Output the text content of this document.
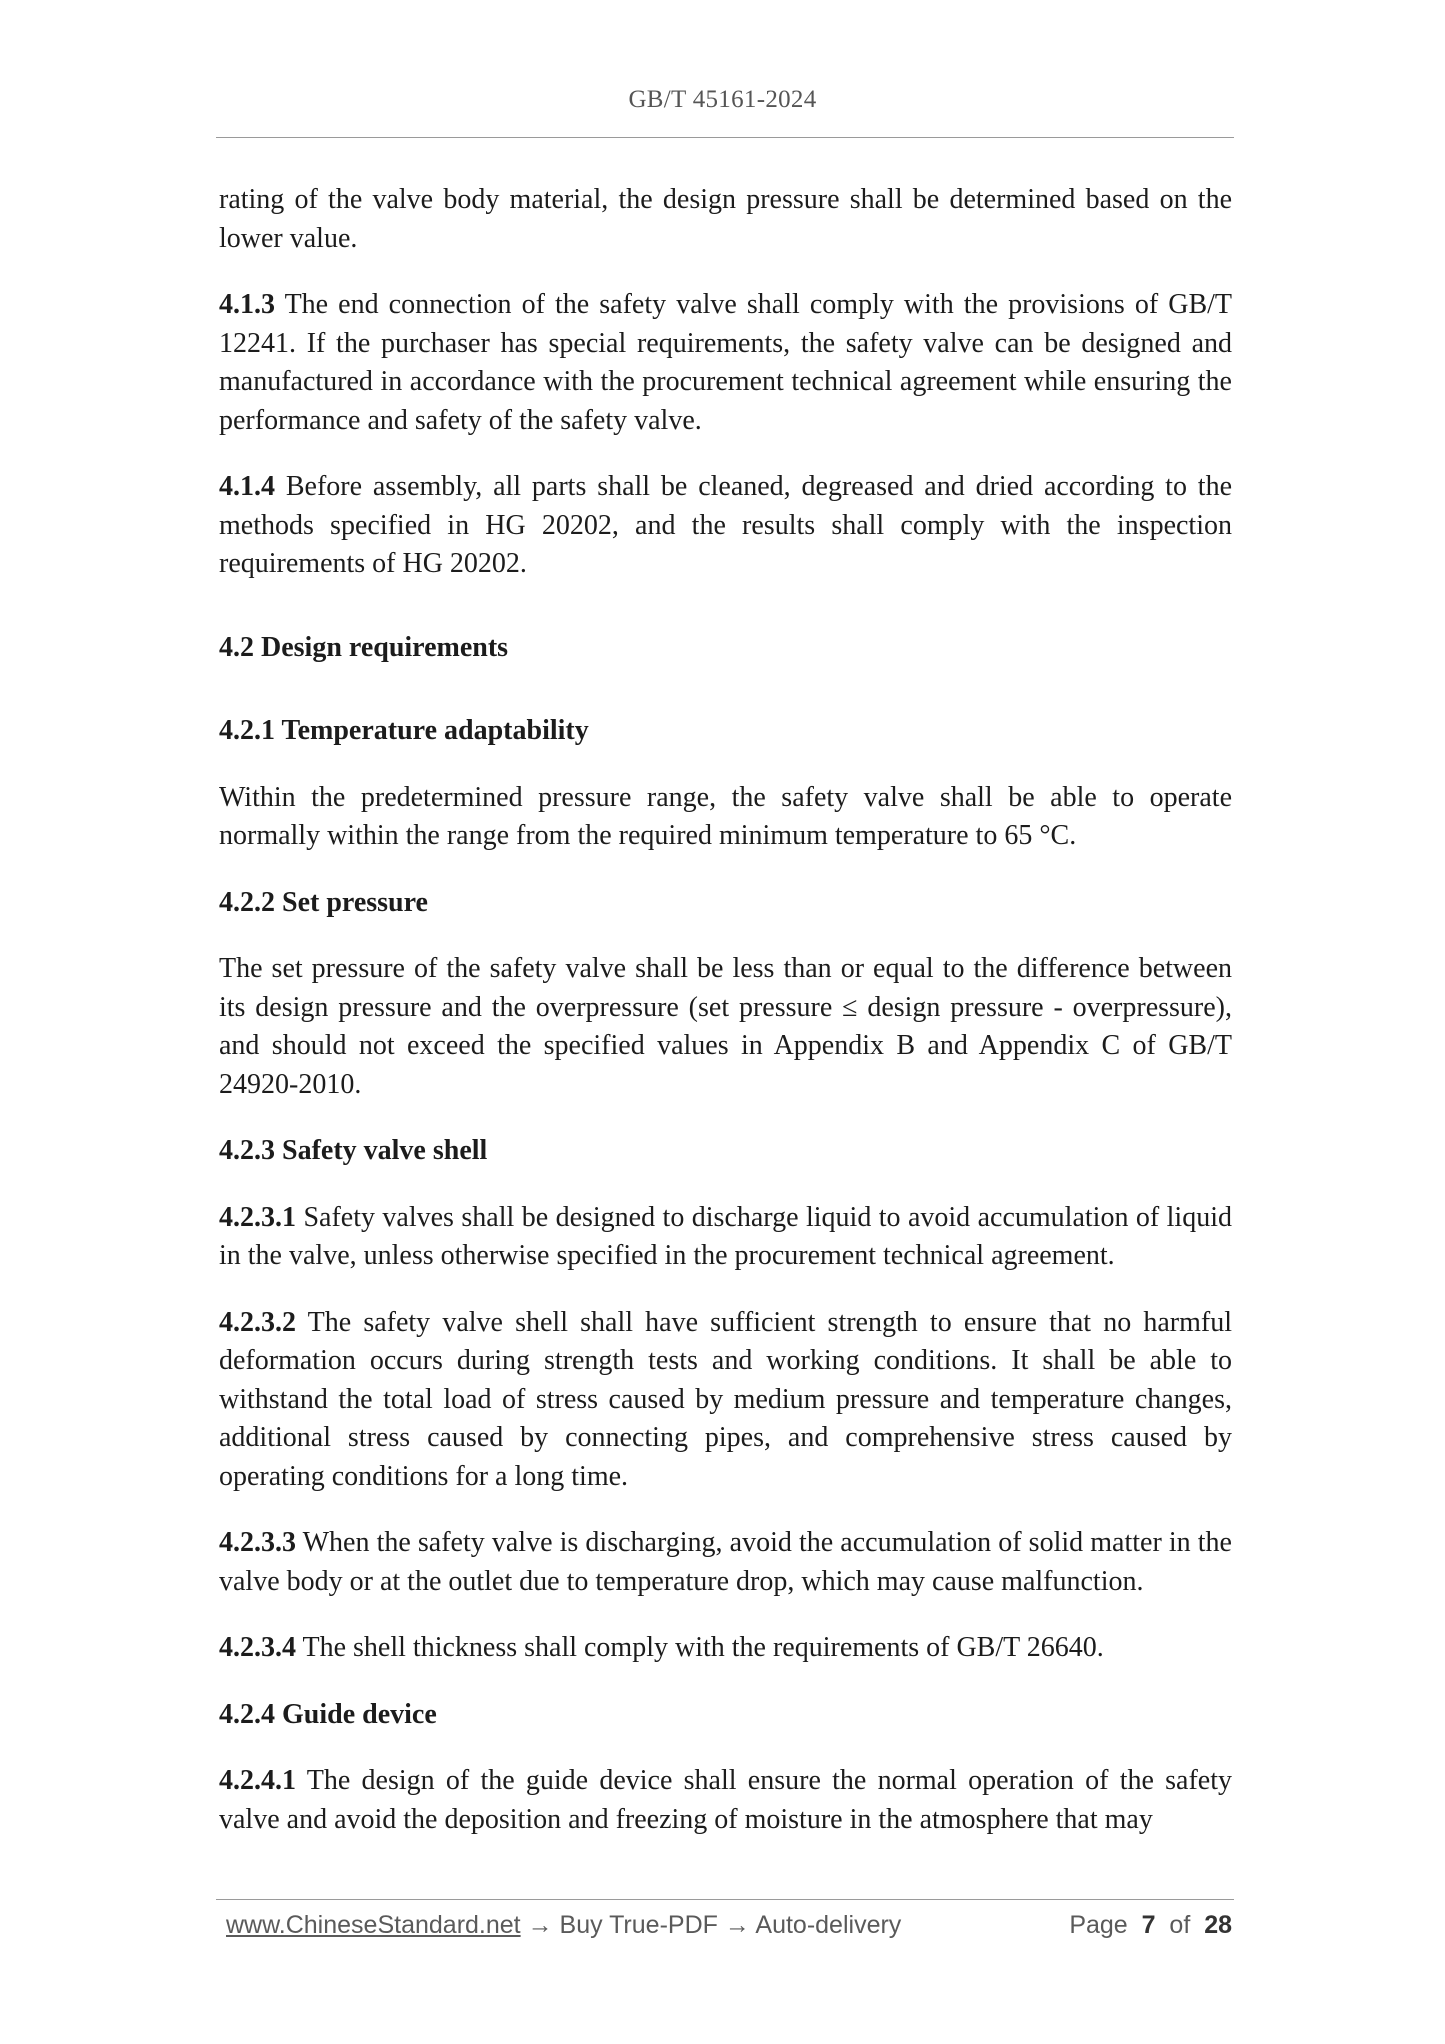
GB/T 45161-2024

rating of the valve body material, the design pressure shall be determined based on the lower value.

4.1.3 The end connection of the safety valve shall comply with the provisions of GB/T 12241. If the purchaser has special requirements, the safety valve can be designed and manufactured in accordance with the procurement technical agreement while ensuring the performance and safety of the safety valve.

4.1.4 Before assembly, all parts shall be cleaned, degreased and dried according to the methods specified in HG 20202, and the results shall comply with the inspection requirements of HG 20202.

4.2 Design requirements
4.2.1 Temperature adaptability

Within the predetermined pressure range, the safety valve shall be able to operate normally within the range from the required minimum temperature to 65 °C.

4.2.2 Set pressure

The set pressure of the safety valve shall be less than or equal to the difference between its design pressure and the overpressure (set pressure ≤ design pressure - overpressure), and should not exceed the specified values in Appendix B and Appendix C of GB/T 24920-2010.

4.2.3 Safety valve shell

4.2.3.1 Safety valves shall be designed to discharge liquid to avoid accumulation of liquid in the valve, unless otherwise specified in the procurement technical agreement.

4.2.3.2 The safety valve shell shall have sufficient strength to ensure that no harmful deformation occurs during strength tests and working conditions. It shall be able to withstand the total load of stress caused by medium pressure and temperature changes, additional stress caused by connecting pipes, and comprehensive stress caused by operating conditions for a long time.

4.2.3.3 When the safety valve is discharging, avoid the accumulation of solid matter in the valve body or at the outlet due to temperature drop, which may cause malfunction.

4.2.3.4 The shell thickness shall comply with the requirements of GB/T 26640.

4.2.4 Guide device

4.2.4.1 The design of the guide device shall ensure the normal operation of the safety valve and avoid the deposition and freezing of moisture in the atmosphere that may

www.ChineseStandard.net → Buy True-PDF → Auto-delivery	Page 7 of 28
